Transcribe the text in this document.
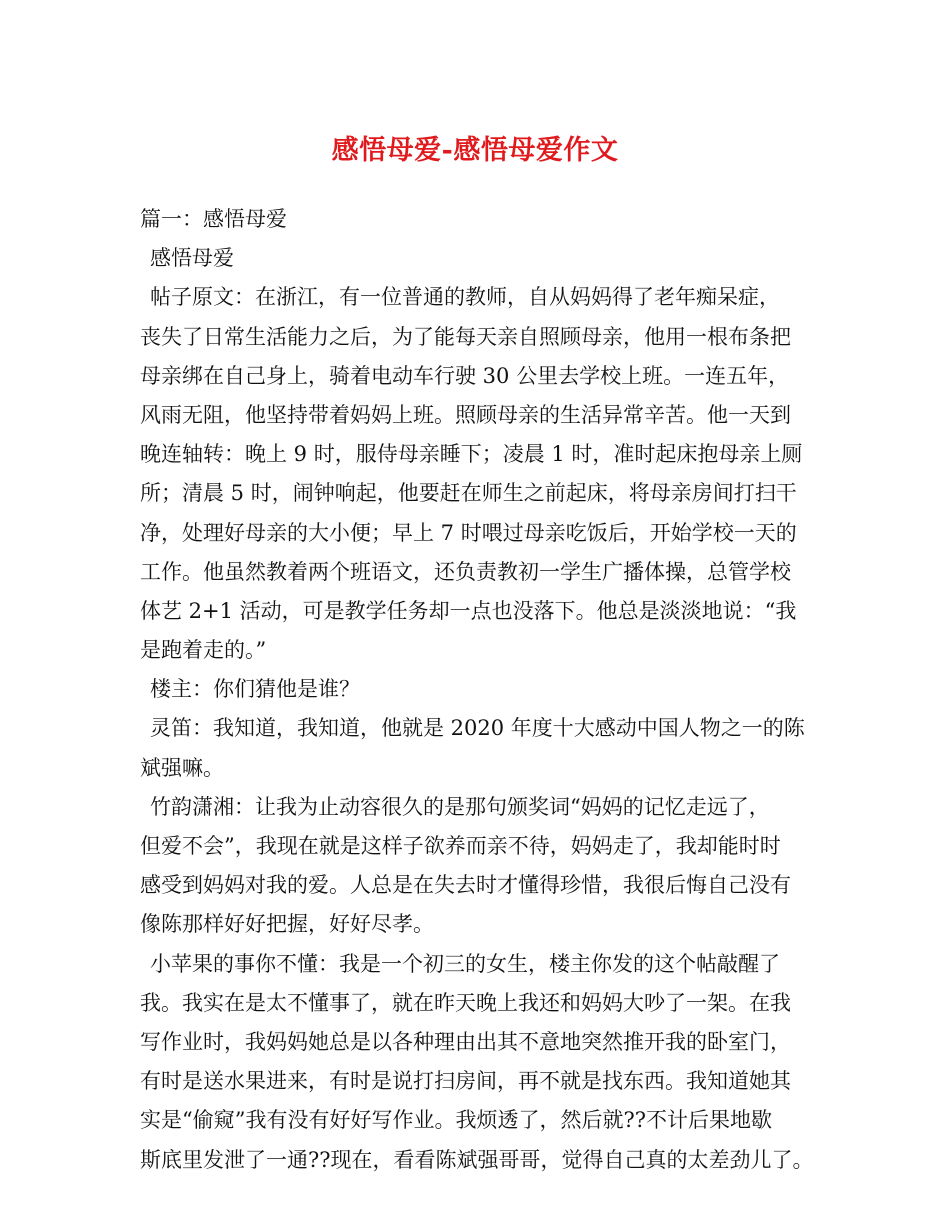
感悟母爱-感悟母爱作文
篇一：感悟母爱
感悟母爱
帖子原文：在浙江，有一位普通的教师，自从妈妈得了老年痴呆症，
丧失了日常生活能力之后，为了能每天亲自照顾母亲，他用一根布条把
母亲绑在自己身上，骑着电动车行驶 30 公里去学校上班。一连五年，
风雨无阻，他坚持带着妈妈上班。照顾母亲的生活异常辛苦。他一天到
晚连轴转：晚上 9 时，服侍母亲睡下；凌晨 1 时，准时起床抱母亲上厕
所；清晨 5 时，闹钟响起，他要赶在师生之前起床，将母亲房间打扫干
净，处理好母亲的大小便；早上 7 时喂过母亲吃饭后，开始学校一天的
工作。他虽然教着两个班语文，还负责教初一学生广播体操，总管学校
体艺 2+1 活动，可是教学任务却一点也没落下。他总是淡淡地说：“我
是跑着走的。”
楼主：你们猜他是谁？
灵笛：我知道，我知道，他就是 2020 年度十大感动中国人物之一的陈
斌强嘛。
竹韵潇湘：让我为止动容很久的是那句颁奖词“妈妈的记忆走远了，
但爱不会”，我现在就是这样子欲养而亲不待，妈妈走了，我却能时时
感受到妈妈对我的爱。人总是在失去时才懂得珍惜，我很后悔自己没有
像陈那样好好把握，好好尽孝。
小苹果的事你不懂：我是一个初三的女生，楼主你发的这个帖敲醒了
我。我实在是太不懂事了，就在昨天晚上我还和妈妈大吵了一架。在我
写作业时，我妈妈她总是以各种理由出其不意地突然推开我的卧室门，
有时是送水果进来，有时是说打扫房间，再不就是找东西。我知道她其
实是“偷窥”我有没有好好写作业。我烦透了，然后就??不计后果地歇
斯底里发泄了一通??现在，看看陈斌强哥哥，觉得自己真的太差劲儿了。
